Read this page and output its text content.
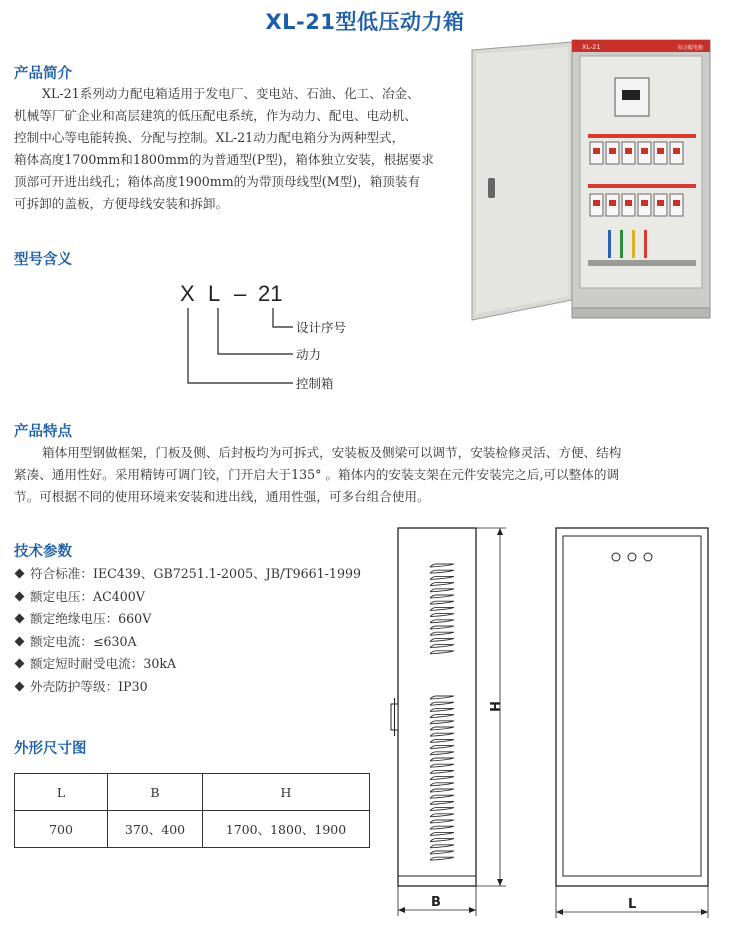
XL-21型低压动力箱
产品简介

XL-21系列动力配电箱适用于发电厂、变电站、石油、化工、冶金、

机械等厂矿企业和高层建筑的低压配电系统，作为动力、配电、电动机、

控制中心等电能转换、分配与控制。XL-21动力配电箱分为两种型式，

箱体高度1700mm和1800mm的为普通型(P型)，箱体独立安装，根据要求

顶部可开进出线孔；箱体高度1900mm的为带顶母线型(M型)，箱顶装有

可拆卸的盖板，方便母线安装和拆卸。

XL-21	综合配电箱
型号含义
X L – 21
设计序号
动力
控制箱
产品特点

箱体用型钢做框架，门板及侧、后封板均为可拆式，安装板及侧梁可以调节，安装检修灵活、方便、结构

紧凑、通用性好。采用精铸可调门铰，门开启大于135° 。箱体内的安装支架在元件安装完之后,可以整体的调

节。可根据不同的使用环境来安装和进出线，通用性强，可多台组合使用。

技术参数
符合标准：IEC439、GB7251.1-2005、JB/T9661-1999
额定电压：AC400V
额定绝缘电压：660V
额定电流：≤630A
额定短时耐受电流：30kA
外壳防护等级：IP30
外形尺寸图
L	B	H
700	370、400	1700、1800、1900
H
B	L
